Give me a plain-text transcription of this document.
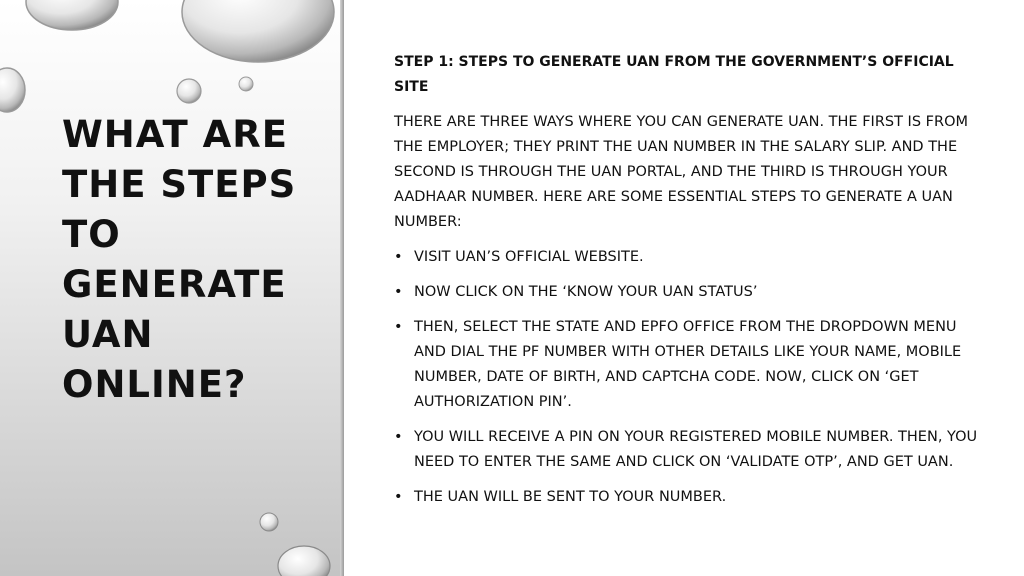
WHAT ARE THE STEPS TO GENERATE UAN ONLINE?

STEP 1: STEPS TO GENERATE UAN FROM THE GOVERNMENT’S OFFICIAL SITE

THERE ARE THREE WAYS WHERE YOU CAN GENERATE UAN. THE FIRST IS FROM THE EMPLOYER; THEY PRINT THE UAN NUMBER IN THE SALARY SLIP. AND THE SECOND IS THROUGH THE UAN PORTAL, AND THE THIRD IS THROUGH YOUR AADHAAR NUMBER. HERE ARE SOME ESSENTIAL STEPS TO GENERATE A UAN NUMBER:

• VISIT UAN’S OFFICIAL WEBSITE.
• NOW CLICK ON THE ‘KNOW YOUR UAN STATUS’
• THEN, SELECT THE STATE AND EPFO OFFICE FROM THE DROPDOWN MENU AND DIAL THE PF NUMBER WITH OTHER DETAILS LIKE YOUR NAME, MOBILE NUMBER, DATE OF BIRTH, AND CAPTCHA CODE. NOW, CLICK ON ‘GET AUTHORIZATION PIN’.
• YOU WILL RECEIVE A PIN ON YOUR REGISTERED MOBILE NUMBER. THEN, YOU NEED TO ENTER THE SAME AND CLICK ON ‘VALIDATE OTP’, AND GET UAN.
• THE UAN WILL BE SENT TO YOUR NUMBER.
